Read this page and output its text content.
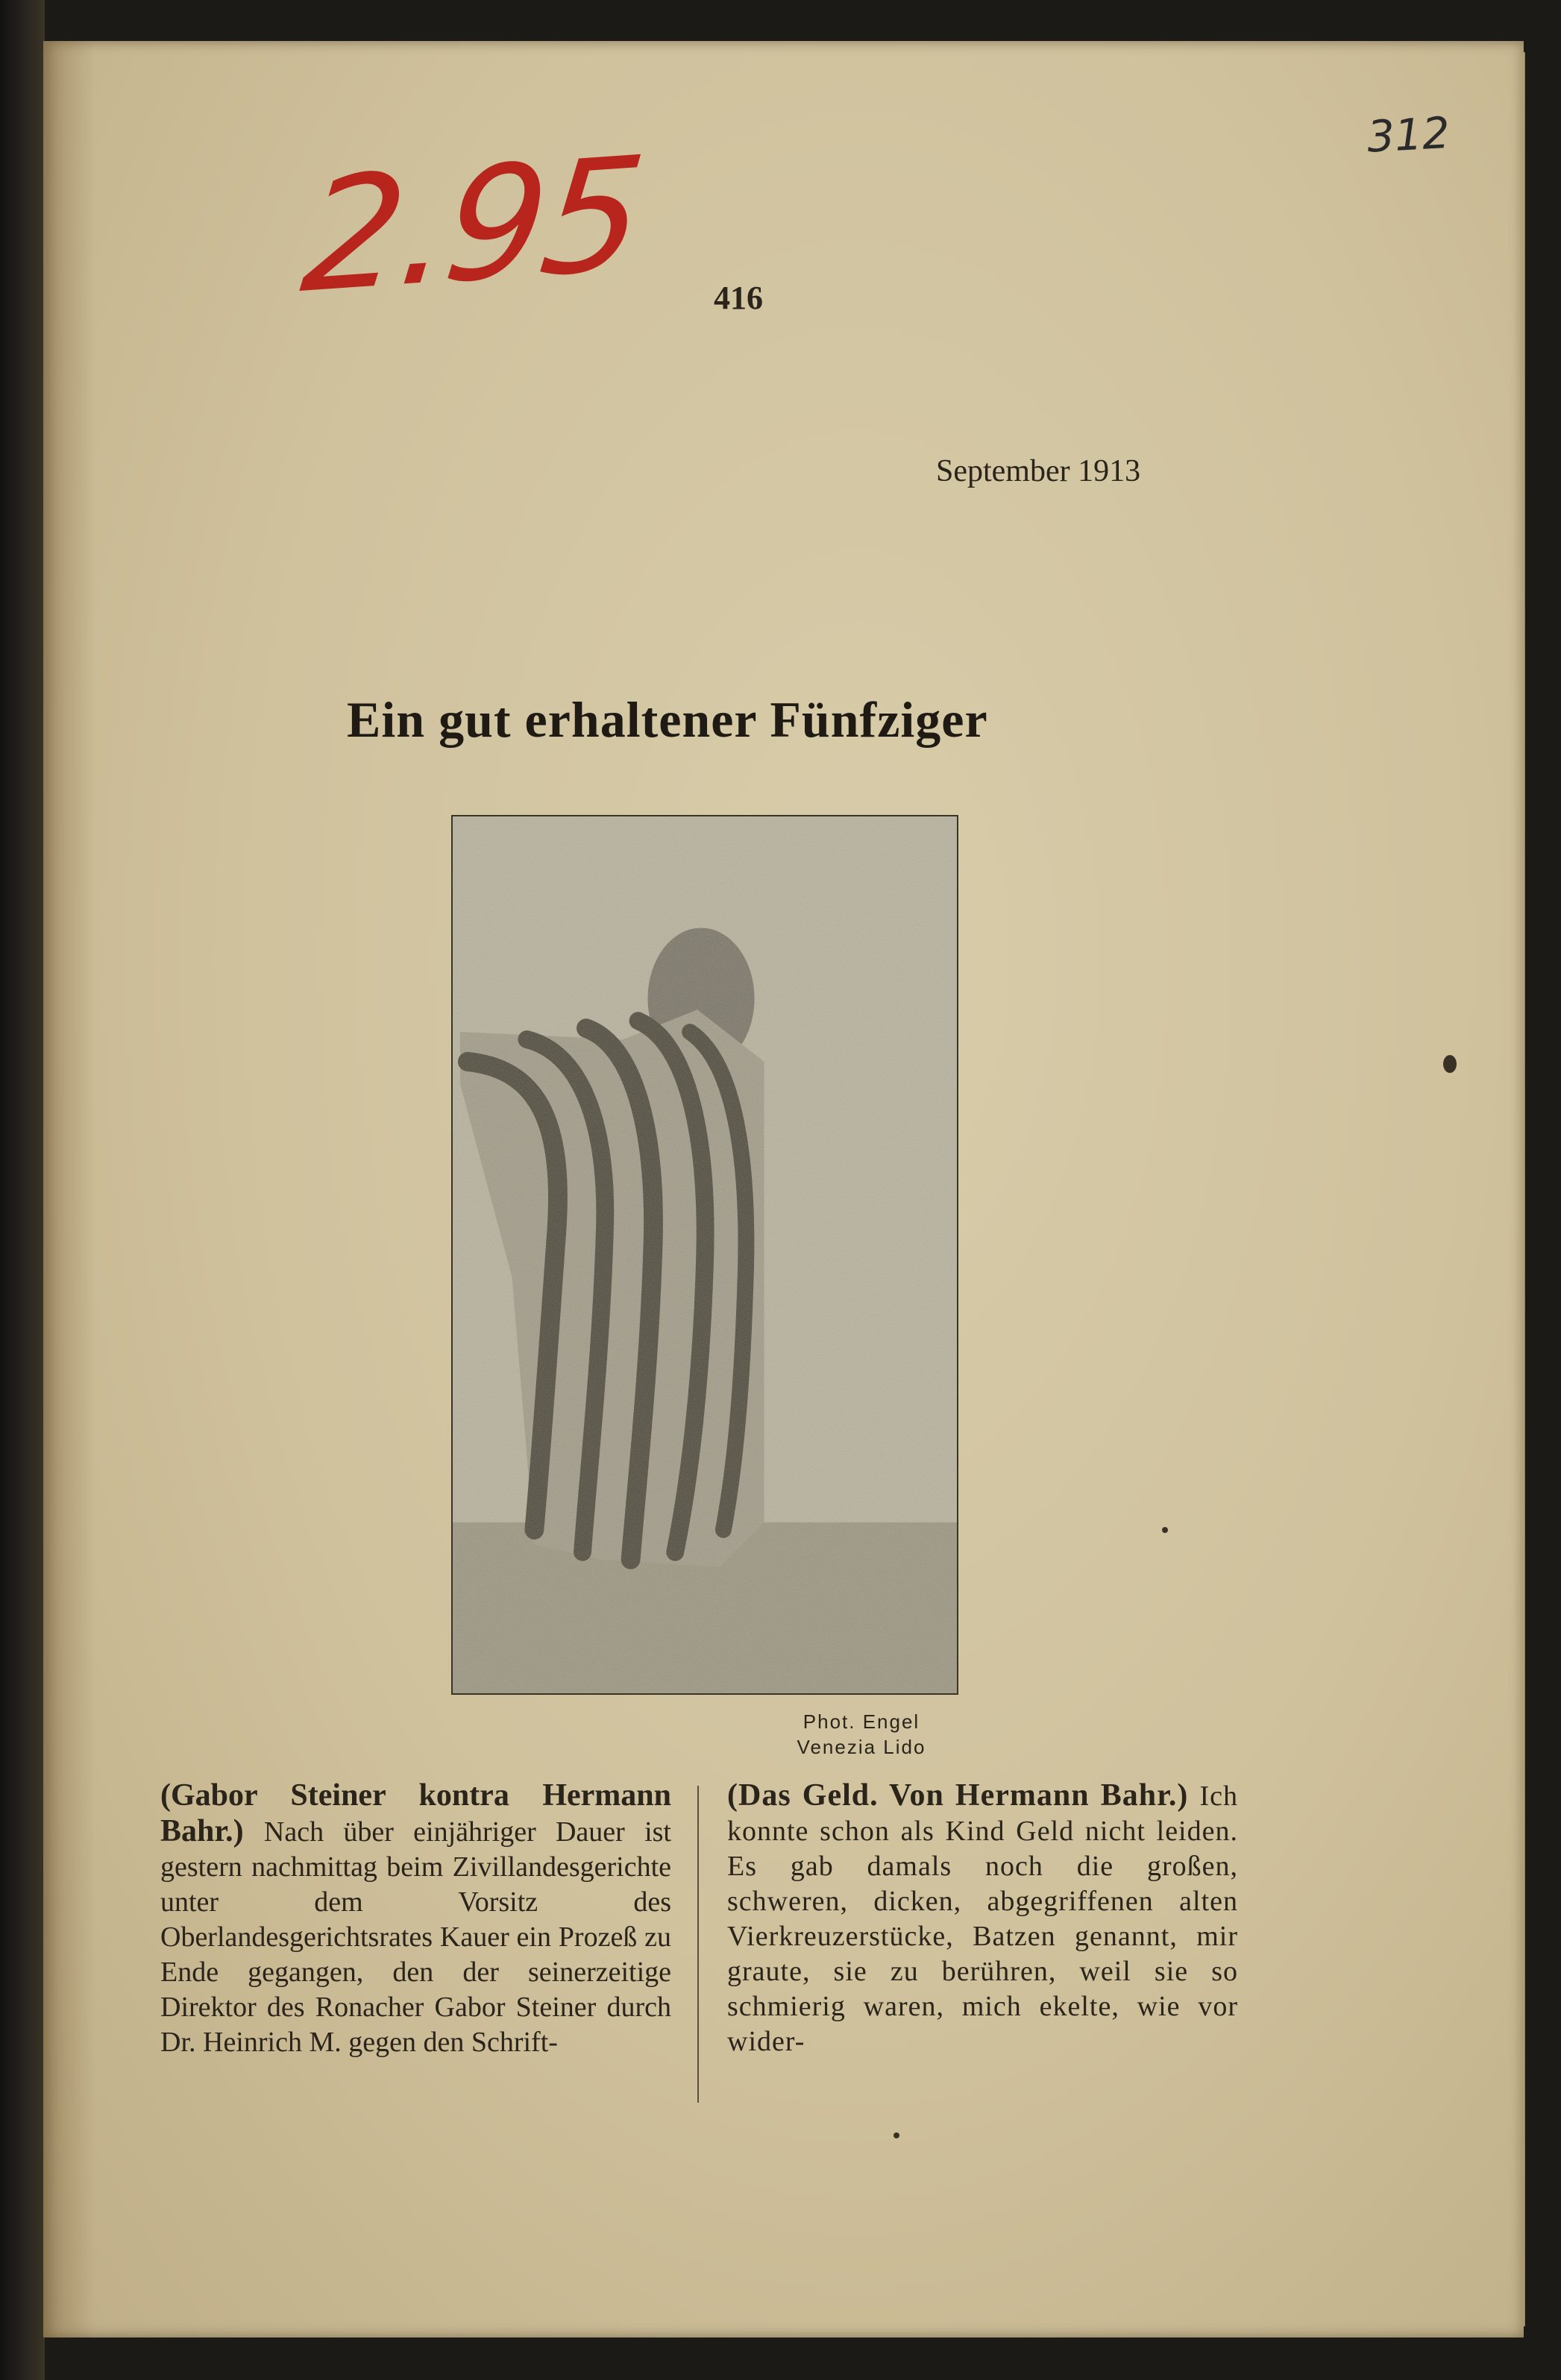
2.95	312
416
September 1913
Ein gut erhaltener Fünfziger
Phot. Engel
Venezia Lido
(Gabor Steiner kontra Hermann Bahr.) Nach über einjähriger Dauer ist gestern nachmittag beim Zivillandesgerichte unter dem Vorsitz des Oberlandesgerichtsrates Kauer ein Prozeß zu Ende gegangen, den der seinerzeitige Direktor des Ronacher Gabor Steiner durch Dr. Heinrich M. gegen den Schrift-
(Das Geld. Von Hermann Bahr.) Ich konnte schon als Kind Geld nicht leiden. Es gab damals noch die großen, schweren, dicken, abgegriffenen alten Vierkreuzerstücke, Batzen genannt, mir graute, sie zu berühren, weil sie so schmierig waren, mich ekelte, wie vor wider-
